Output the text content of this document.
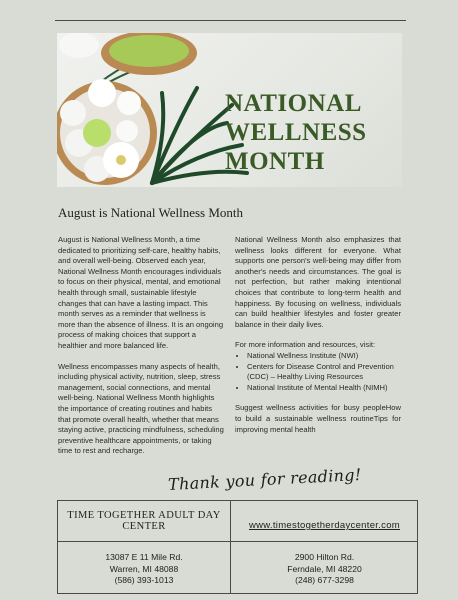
NATIONAL
WELLNESS
MONTH
August is National Wellness Month

August is National Wellness Month, a time dedicated to prioritizing self-care, healthy habits, and overall well-being. Observed each year, National Wellness Month encourages individuals to focus on their physical, mental, and emotional health through small, sustainable lifestyle changes that can have a lasting impact. This month serves as a reminder that wellness is more than the absence of illness. It is an ongoing process of making choices that support a healthier and more balanced life.

Wellness encompasses many aspects of health, including physical activity, nutrition, sleep, stress management, social connections, and mental well-being. National Wellness Month highlights the importance of creating routines and habits that promote overall health, whether that means staying active, practicing mindfulness, scheduling preventive healthcare appointments, or taking time to rest and recharge.

National Wellness Month also emphasizes that wellness looks different for everyone. What supports one person's well-being may differ from another's needs and circumstances. The goal is not perfection, but rather making intentional choices that contribute to long-term health and happiness. By focusing on wellness, individuals can build healthier lifestyles and foster greater balance in their daily lives.

For more information and resources, visit:

• National Wellness Institute (NWI)
• Centers for Disease Control and Prevention (CDC) – Healthy Living Resources
• National Institute of Mental Health (NIMH)

Suggest wellness activities for busy peopleHow to build a sustainable wellness routineTips for improving mental health

Thank you for reading!
TIME TOGETHER ADULT DAY CENTER	www.timestogetherdaycenter.com
13087 E 11 Mile Rd.
Warren, MI 48088
(586) 393-1013
2900 Hilton Rd.
Ferndale, MI 48220
(248) 677-3298
